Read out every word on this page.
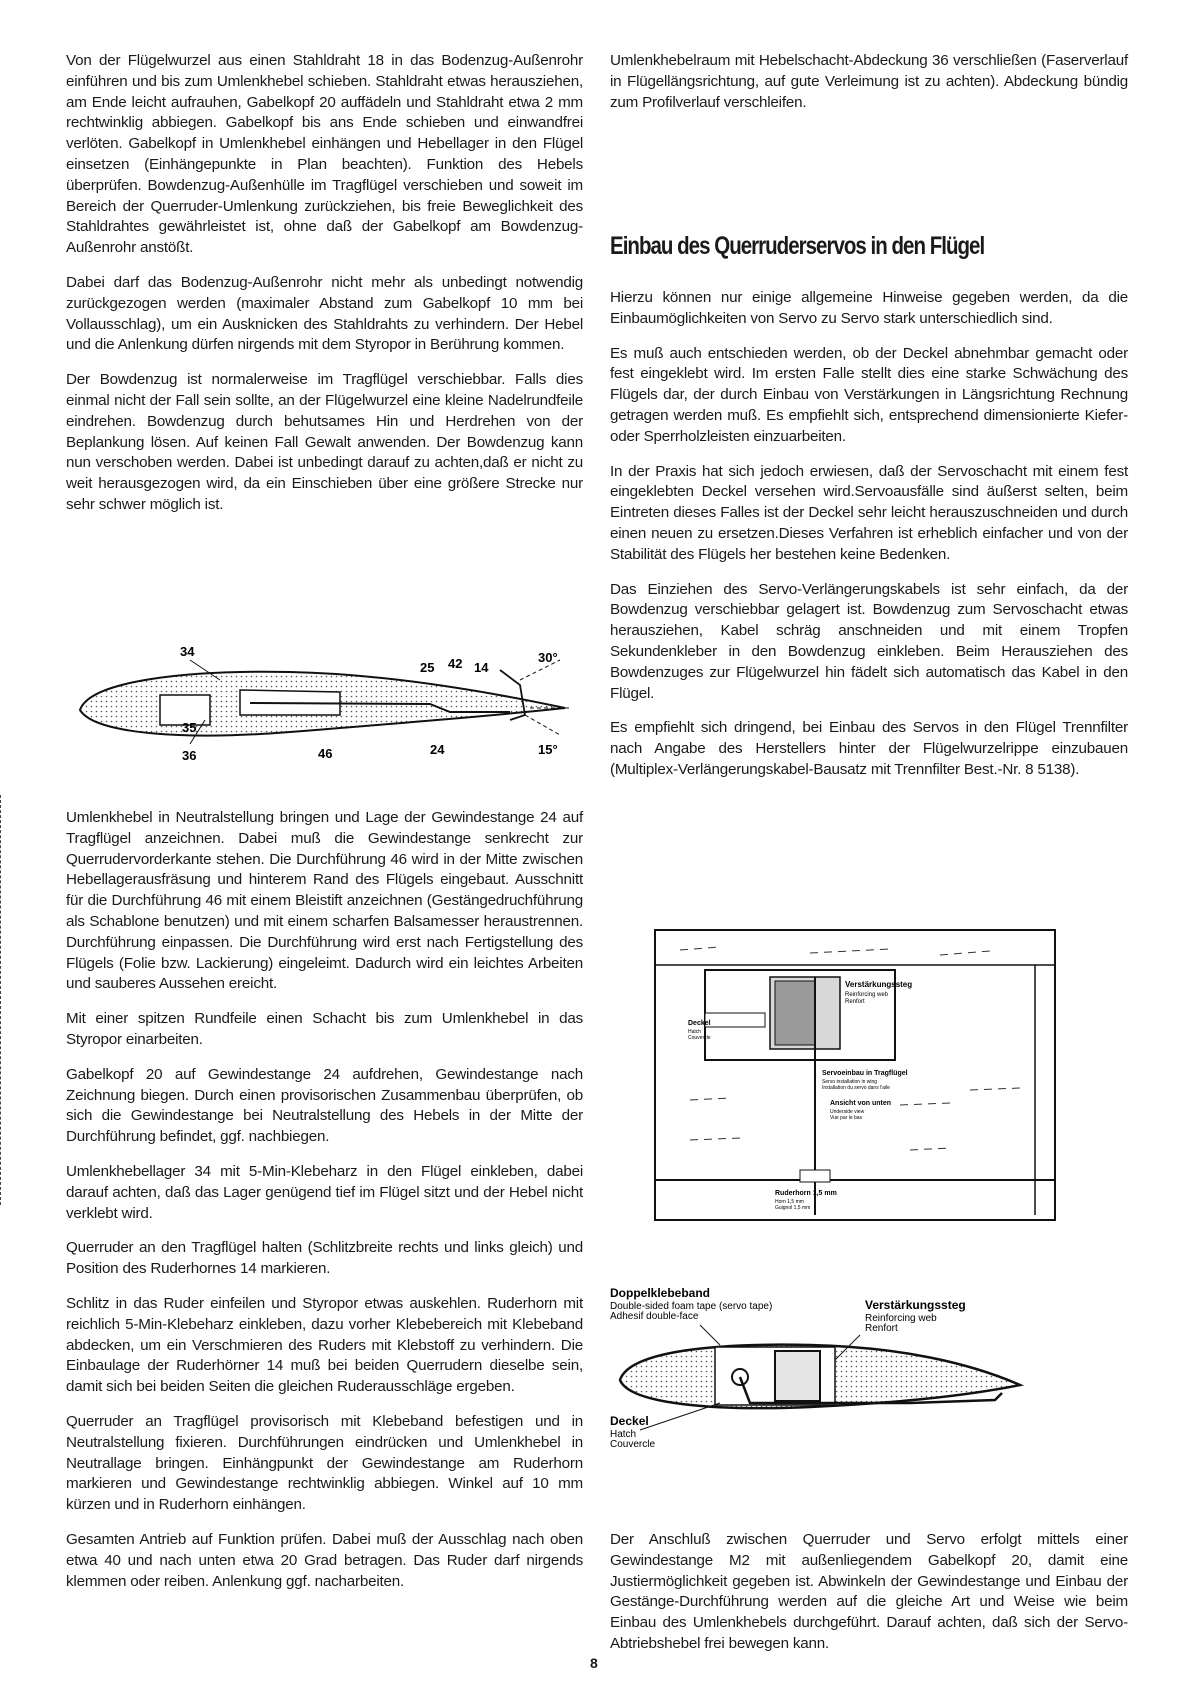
Von der Flügelwurzel aus einen Stahldraht 18 in das Bodenzug-Außenrohr einführen und bis zum Umlenkhebel schieben. Stahldraht etwas herausziehen, am Ende leicht aufrauhen, Gabelkopf 20 auffädeln und Stahldraht etwa 2 mm rechtwinklig abbiegen. Gabelkopf bis ans Ende schieben und einwandfrei verlöten. Gabelkopf in Umlenkhebel einhängen und Hebellager in den Flügel einsetzen (Einhängepunkte in Plan beachten). Funktion des Hebels überprüfen. Bowdenzug-Außenhülle im Tragflügel verschieben und soweit im Bereich der Querruder-Umlenkung zurückziehen, bis freie Beweglichkeit des Stahldrahtes gewährleistet ist, ohne daß der Gabelkopf am Bowdenzug-Außenrohr anstößt.

Dabei darf das Bodenzug-Außenrohr nicht mehr als unbedingt notwendig zurückgezogen werden (maximaler Abstand zum Gabelkopf 10 mm bei Vollausschlag), um ein Ausknicken des Stahldrahts zu verhindern. Der Hebel und die Anlenkung dürfen nirgends mit dem Styropor in Berührung kommen.

Der Bowdenzug ist normalerweise im Tragflügel verschiebbar. Falls dies einmal nicht der Fall sein sollte, an der Flügelwurzel eine kleine Nadelrundfeile eindrehen. Bowdenzug durch behutsames Hin und Herdrehen von der Beplankung lösen. Auf keinen Fall Gewalt anwenden. Der Bowdenzug kann nun verschoben werden. Dabei ist unbedingt darauf zu achten,daß er nicht zu weit herausgezogen wird, da ein Einschieben über eine größere Strecke nur sehr schwer möglich ist.

34
25 42 14
30°
35
36	46	24	15°

Umlenkhebel in Neutralstellung bringen und Lage der Gewindestange 24 auf Tragflügel anzeichnen. Dabei muß die Gewindestange senkrecht zur Querrudervorderkante stehen. Die Durchführung 46 wird in der Mitte zwischen Hebellagerausfräsung und hinterem Rand des Flügels eingebaut. Ausschnitt für die Durchführung 46 mit einem Bleistift anzeichnen (Gestängedruchführung als Schablone benutzen) und mit einem scharfen Balsamesser heraustrennen. Durchführung einpassen. Die Durchführung wird erst nach Fertigstellung des Flügels (Folie bzw. Lackierung) eingeleimt. Dadurch wird ein leichtes Arbeiten und sauberes Aussehen ereicht.

Mit einer spitzen Rundfeile einen Schacht bis zum Umlenkhebel in das Styropor einarbeiten.

Gabelkopf 20 auf Gewindestange 24 aufdrehen, Gewindestange nach Zeichnung biegen. Durch einen provisorischen Zusammenbau überprüfen, ob sich die Gewindestange bei Neutralstellung des Hebels in der Mitte der Durchführung befindet, ggf. nachbiegen.

Umlenkhebellager 34 mit 5-Min-Klebeharz in den Flügel einkleben, dabei darauf achten, daß das Lager genügend tief im Flügel sitzt und der Hebel nicht verklebt wird.

Querruder an den Tragflügel halten (Schlitzbreite rechts und links gleich) und Position des Ruderhornes 14 markieren.

Schlitz in das Ruder einfeilen und Styropor etwas auskehlen. Ruderhorn mit reichlich 5-Min-Klebeharz einkleben, dazu vorher Klebebereich mit Klebeband abdecken, um ein Verschmieren des Ruders mit Klebstoff zu verhindern. Die Einbaulage der Ruderhörner 14 muß bei beiden Querrudern dieselbe sein, damit sich bei beiden Seiten die gleichen Ruderausschläge ergeben.

Querruder an Tragflügel provisorisch mit Klebeband befestigen und in Neutralstellung fixieren. Durchführungen eindrücken und Umlenkhebel in Neutrallage bringen. Einhängpunkt der Gewindestange am Ruderhorn markieren und Gewindestange rechtwinklig abbiegen. Winkel auf 10 mm kürzen und in Ruderhorn einhängen.

Gesamten Antrieb auf Funktion prüfen. Dabei muß der Ausschlag nach oben etwa 40 und nach unten etwa 20 Grad betragen. Das Ruder darf nirgends klemmen oder reiben. Anlenkung ggf. nacharbeiten.

Umlenkhebelraum mit Hebelschacht-Abdeckung 36 verschließen (Faserverlauf in Flügellängsrichtung, auf gute Verleimung ist zu achten). Abdeckung bündig zum Profilverlauf verschleifen.

Einbau des Querruderservos in den Flügel

Hierzu können nur einige allgemeine Hinweise gegeben werden, da die Einbaumöglichkeiten von Servo zu Servo stark unterschiedlich sind.

Es muß auch entschieden werden, ob der Deckel abnehmbar gemacht oder fest eingeklebt wird. Im ersten Falle stellt dies eine starke Schwächung des Flügels dar, der durch Einbau von Verstärkungen in Längsrichtung Rechnung getragen werden muß. Es empfiehlt sich, entsprechend dimensionierte Kiefer- oder Sperrholzleisten einzuarbeiten.

In der Praxis hat sich jedoch erwiesen, daß der Servoschacht mit einem fest eingeklebten Deckel versehen wird.Servoausfälle sind äußerst selten, beim Eintreten dieses Falles ist der Deckel sehr leicht herauszuschneiden und durch einen neuen zu ersetzen.Dieses Verfahren ist erheblich einfacher und von der Stabilität des Flügels her bestehen keine Bedenken.

Das Einziehen des Servo-Verlängerungskabels ist sehr einfach, da der Bowdenzug verschiebbar gelagert ist. Bowdenzug zum Servoschacht etwas herausziehen, Kabel schräg anschneiden und mit einem Tropfen Sekundenkleber in den Bowdenzug einkleben. Beim Herausziehen des Bowdenzuges zur Flügelwurzel hin fädelt sich automatisch das Kabel in den Flügel.

Es empfiehlt sich dringend, bei Einbau des Servos in den Flügel Trennfilter nach Angabe des Herstellers hinter der Flügelwurzelrippe einzubauen (Multiplex-Verlängerungskabel-Bausatz mit Trennfilter Best.-Nr. 8 5138).

Verstärkungssteg
Reinforcing web
Renfort
Deckel
Hatch
Couvercle
Servoeinbau in Tragflügel
Servo installation in wing
Installation du servo dans l'aile
Ansicht von unten
Underside view
Vue par le bas
Ruderhorn 1,5 mm
Horn 1,5 mm
Guignol 1,5 mm
Doppelklebeband
Double-sided foam tape (servo tape)
Adhesif double-face
Verstärkungssteg
Reinforcing web
Renfort
Deckel
Hatch
Couvercle

Der Anschluß zwischen Querruder und Servo erfolgt mittels einer Gewindestange M2 mit außenliegendem Gabelkopf 20, damit eine Justiermöglichkeit gegeben ist. Abwinkeln der Gewindestange und Einbau der Gestänge-Durchführung werden auf die gleiche Art und Weise wie beim Einbau des Umlenkhebels durchgeführt. Darauf achten, daß sich der Servo-Abtriebshebel frei bewegen kann.

8
